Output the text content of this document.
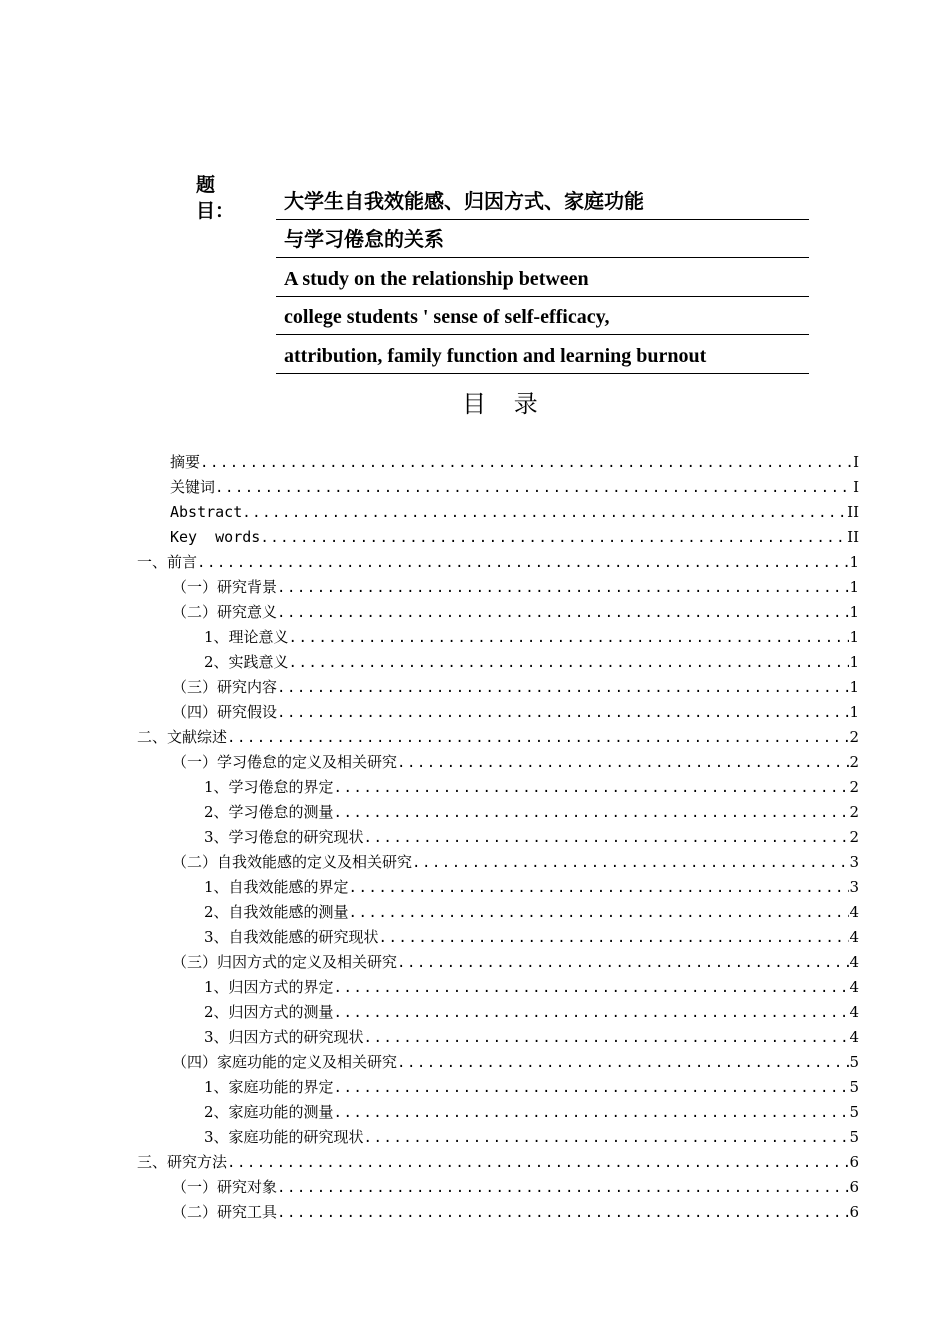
题目：	大学生自我效能感、归因方式、家庭功能
与学习倦怠的关系
A study on the relationship between
college students ' sense of self-efficacy,
attribution, family function and learning burnout
目 录
摘要 .....	I
关键词 .....	I
Abstract .....	II
Key  words .....	II
一、前言 .....	1
（一）研究背景 .....	1
（二）研究意义 .....	1
1、理论意义 .....	1
2、实践意义 .....	1
（三）研究内容 .....	1
（四）研究假设 .....	1
二、文献综述 .....	2
（一）学习倦怠的定义及相关研究 .....	2
1、学习倦怠的界定 .....	2
2、学习倦怠的测量 .....	2
3、学习倦怠的研究现状 .....	2
（二）自我效能感的定义及相关研究 .....	3
1、自我效能感的界定 .....	3
2、自我效能感的测量 .....	4
3、自我效能感的研究现状 .....	4
（三）归因方式的定义及相关研究 .....	4
1、归因方式的界定 .....	4
2、归因方式的测量 .....	4
3、归因方式的研究现状 .....	4
（四）家庭功能的定义及相关研究 .....	5
1、家庭功能的界定 .....	5
2、家庭功能的测量 .....	5
3、家庭功能的研究现状 .....	5
三、研究方法 .....	6
（一）研究对象 .....	6
（二）研究工具 .....	6
